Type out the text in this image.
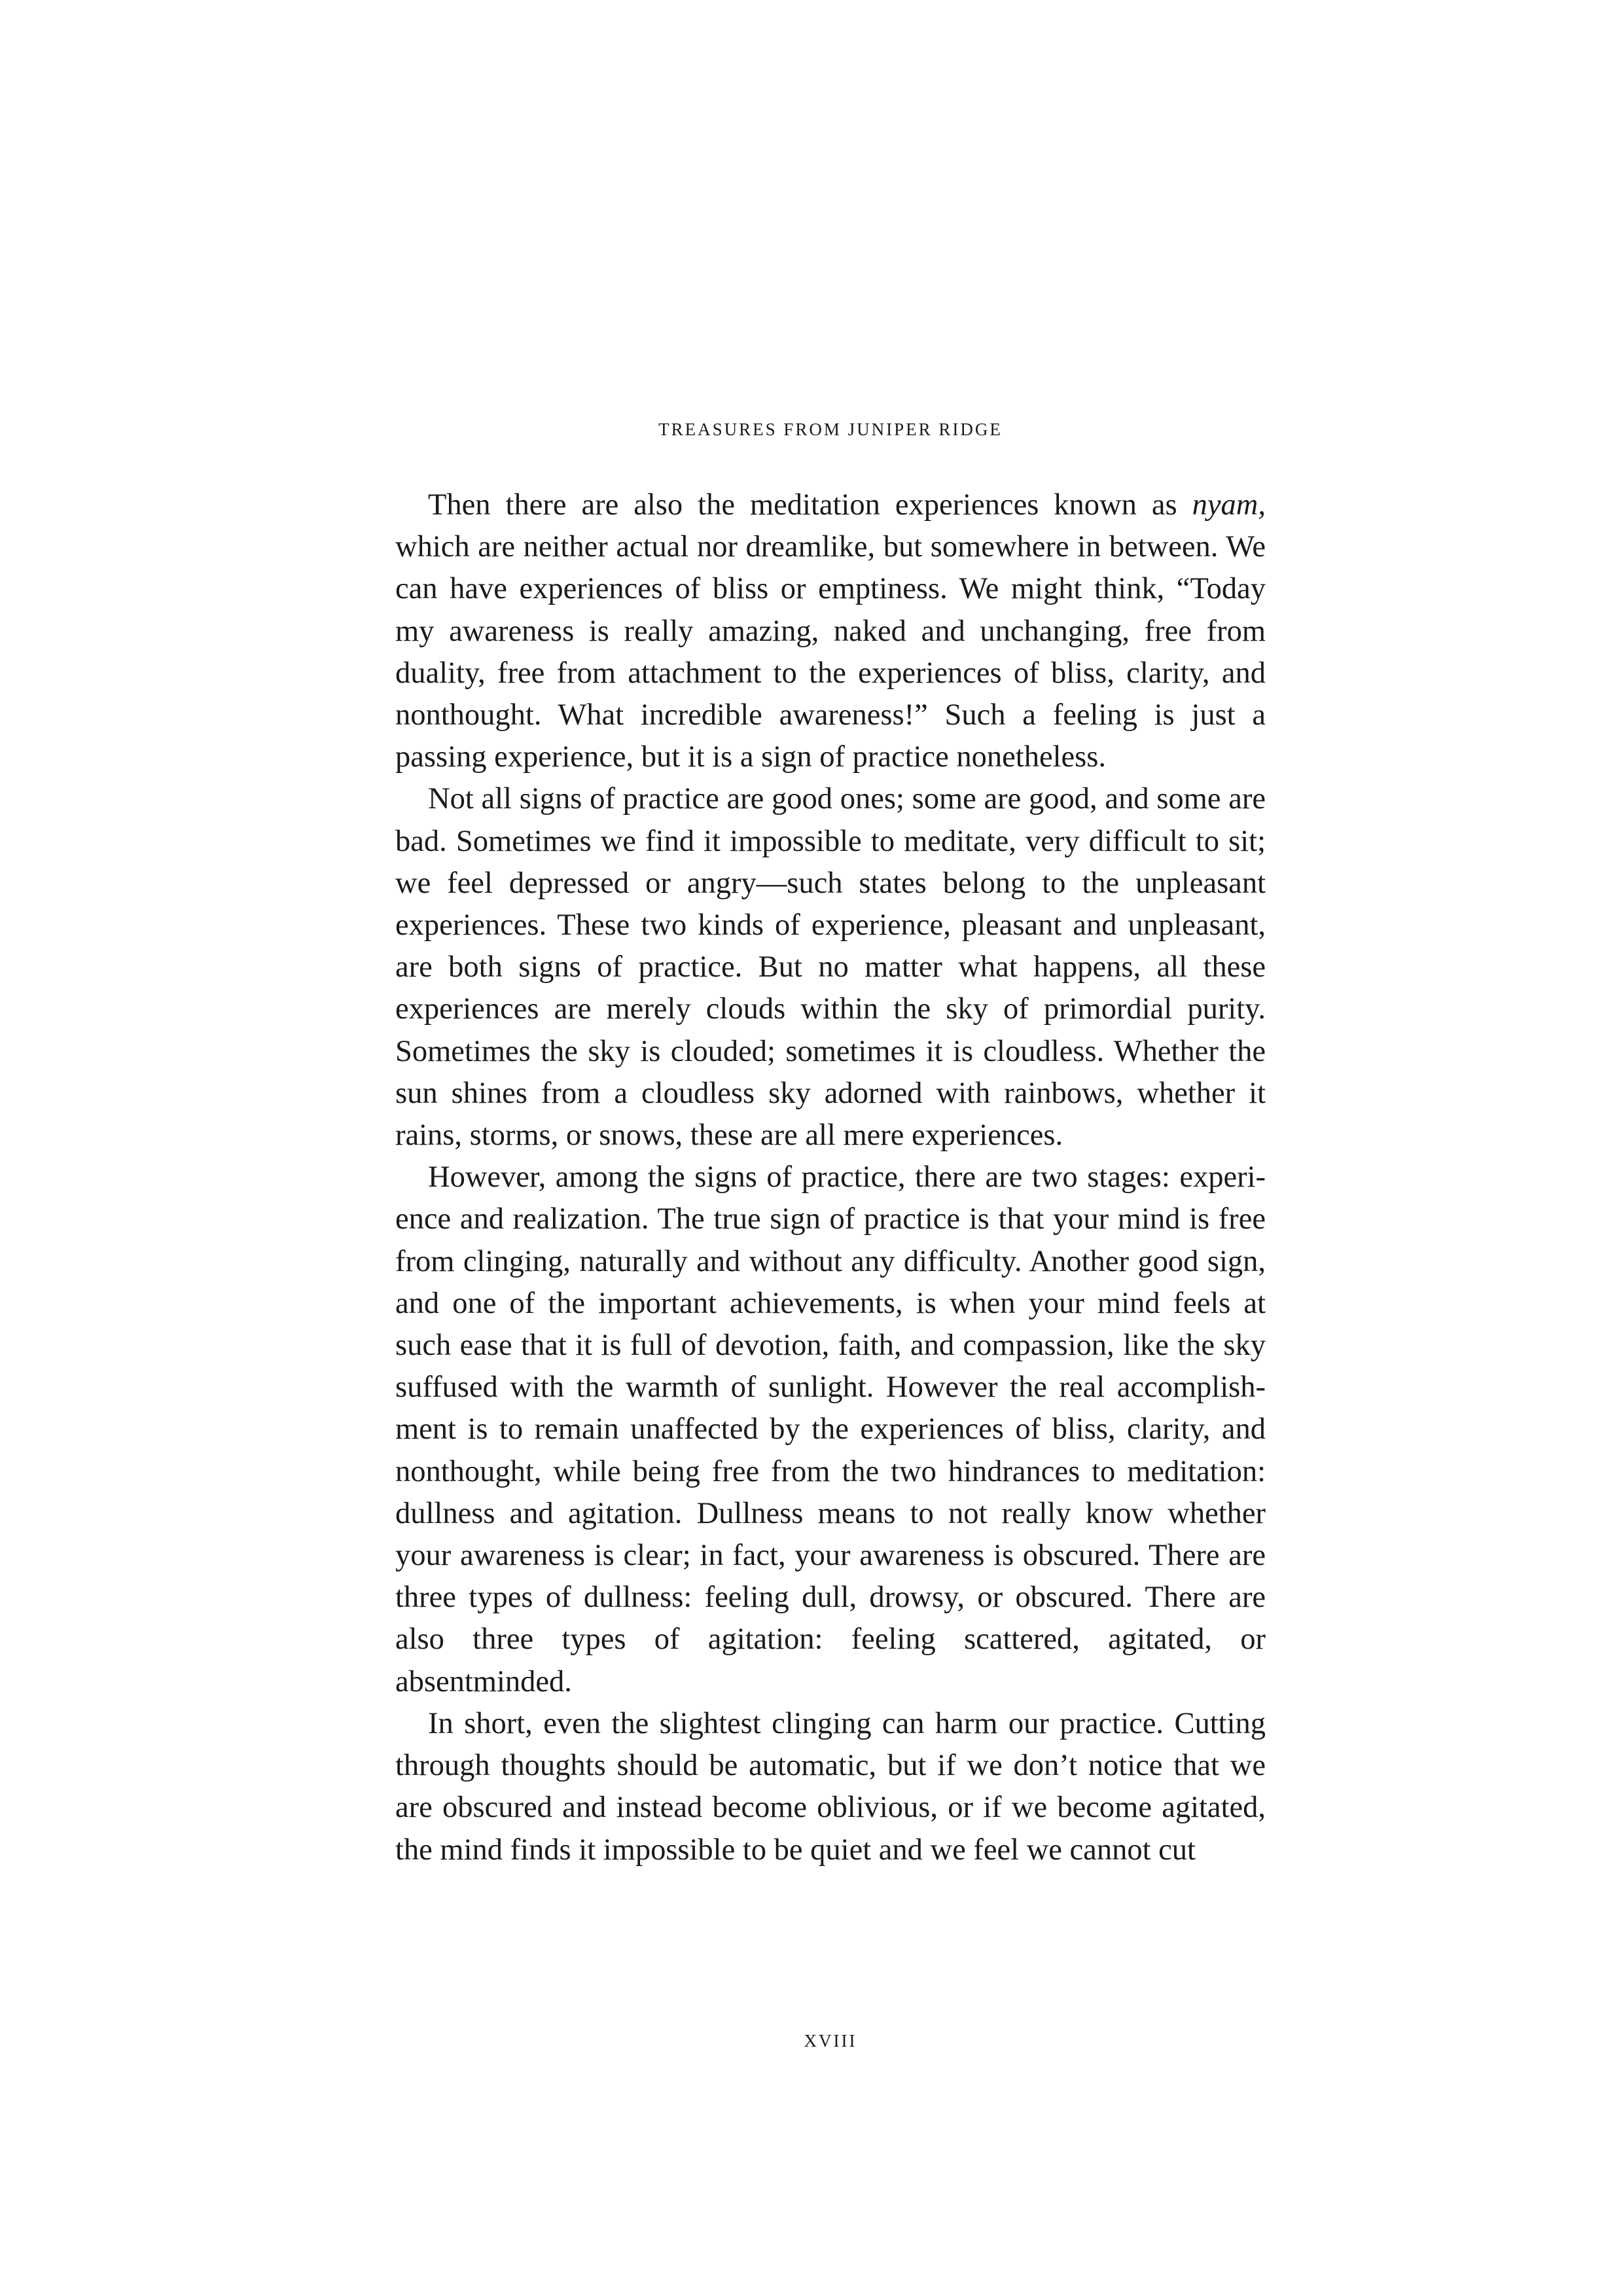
TREASURES FROM JUNIPER RIDGE

Then there are also the meditation experiences known as nyam, which are neither actual nor dreamlike, but somewhere in between. We can have experiences of bliss or emptiness. We might think, “Today my awareness is really amazing, naked and unchanging, free from duality, free from attachment to the experiences of bliss, clarity, and nonthought. What incredible awareness!” Such a feeling is just a passing experience, but it is a sign of practice nonetheless.

Not all signs of practice are good ones; some are good, and some are bad. Sometimes we find it impossible to meditate, very difficult to sit; we feel depressed or angry—such states belong to the unpleasant experiences. These two kinds of experience, pleasant and unpleasant, are both signs of practice. But no matter what happens, all these experiences are merely clouds within the sky of primordial purity. Sometimes the sky is clouded; sometimes it is cloudless. Whether the sun shines from a cloudless sky adorned with rainbows, whether it rains, storms, or snows, these are all mere experiences.

However, among the signs of practice, there are two stages: experience and realization. The true sign of practice is that your mind is free from clinging, naturally and without any difficulty. Another good sign, and one of the important achievements, is when your mind feels at such ease that it is full of devotion, faith, and compassion, like the sky suffused with the warmth of sunlight. However the real accomplishment is to remain unaffected by the experiences of bliss, clarity, and nonthought, while being free from the two hindrances to meditation: dullness and agitation. Dullness means to not really know whether your awareness is clear; in fact, your awareness is obscured. There are three types of dullness: feeling dull, drowsy, or obscured. There are also three types of agitation: feeling scattered, agitated, or absentminded.

In short, even the slightest clinging can harm our practice. Cutting through thoughts should be automatic, but if we don’t notice that we are obscured and instead become oblivious, or if we become agitated, the mind finds it impossible to be quiet and we feel we cannot cut

XVIII
